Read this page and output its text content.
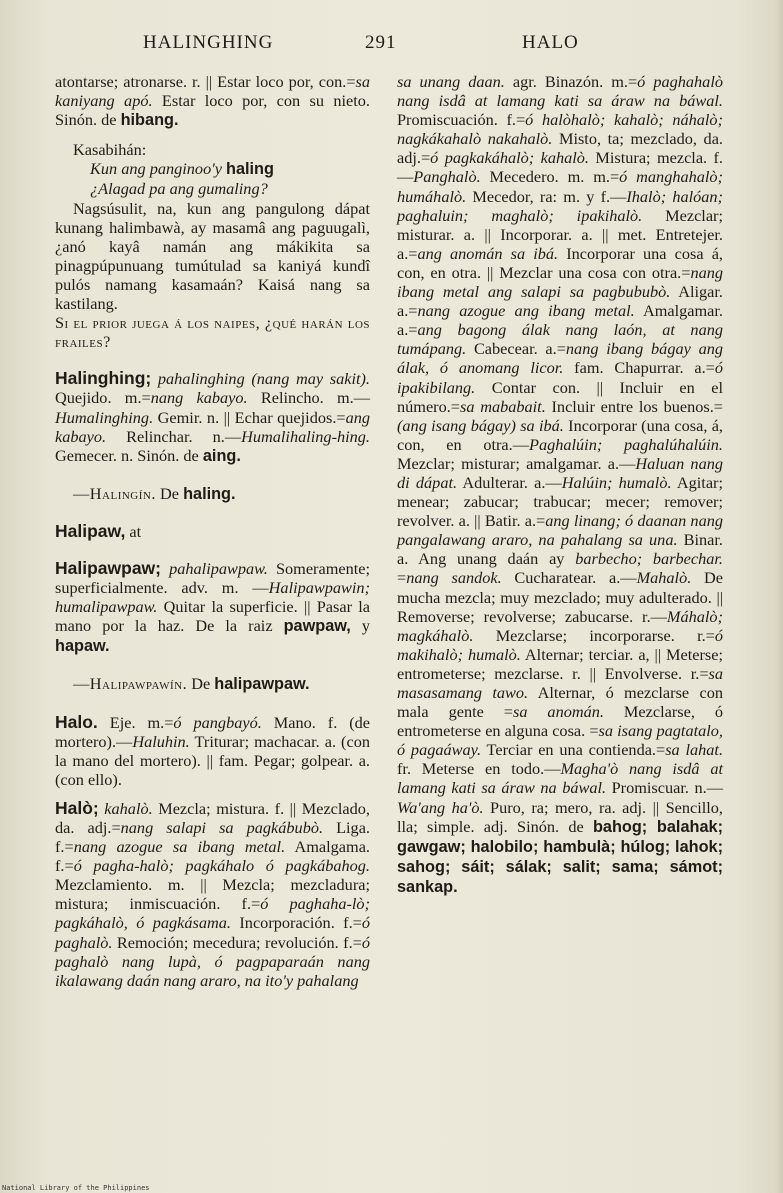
HALINGHING	291	HALO

atontarse; atronarse. r. || Estar loco por, con.=sa kaniyang apó. Estar loco por, con su nieto. Sinón. de hibang.

Kasabihán:

Kun ang panginoo'y haling

¿Alagad pa ang gumaling?

Nagsúsulit, na, kun ang pangulong dápat kunang halimbawà, ay masamâ ang paguugalì, ¿anó kayâ namán ang mákikita sa pinagpúpunuang tumútulad sa kaniyá kundî pulós namang kasamaán? Kaisá nang sa kastilang.

Si el prior juega á los naipes, ¿qué harán los frailes?

Halinghing; pahalinghing (nang may sakit). Quejido. m.=nang kabayo. Relincho. m.—Humalinghing. Gemir. n. || Echar quejidos.=ang kabayo. Relinchar. n.—Humalihaling-hing. Gemecer. n. Sinón. de aing.

—Halingín. De haling.

Halipaw, at

Halipawpaw; pahalipawpaw. Someramente; superficialmente. adv. m. —Halipawpawin; humalipawpaw. Quitar la superficie. || Pasar la mano por la haz. De la raiz pawpaw, y hapaw.

—Halipawpawín. De halipawpaw.

Halo. Eje. m.=ó pangbayó. Mano. f. (de mortero).—Haluhin. Triturar; machacar. a. (con la mano del mortero). || fam. Pegar; golpear. a. (con ello).

Halò; kahalò. Mezcla; mistura. f. || Mezclado, da. adj.=nang salapi sa pagkábubò. Liga. f.=nang azogue sa ibang metal. Amalgama. f.=ó pagha-halò; pagkáhalo ó pagkábahog. Mezclamiento. m. || Mezcla; mezcladura; mistura; inmiscuación. f.=ó paghaha-lò; pagkáhalò, ó pagkásama. Incorporación. f.=ó paghalò. Remoción; mecedura; revolución. f.=ó paghalò nang lupà, ó pagpaparaán nang ikalawang daán nang araro, na ito'y pahalang

sa unang daan. agr. Binazón. m.=ó paghahalò nang isdâ at lamang kati sa áraw na báwal. Promiscuación. f.=ó halòhalò; kahalò; náhalò; nagkákahalò nakahalò. Misto, ta; mezclado, da. adj.=ó pagkakáhalò; kahalò. Mistura; mezcla. f.—Panghalò. Mecedero. m. m.=ó manghahalò; humáhalò. Mecedor, ra: m. y f.—Ihalò; halóan; paghaluin; maghalò; ipakihalò. Mezclar; misturar. a. || Incorporar. a. || met. Entretejer. a.=ang anomán sa ibá. Incorporar una cosa á, con, en otra. || Mezclar una cosa con otra.=nang ibang metal ang salapi sa pagbububò. Aligar. a.=nang azogue ang ibang metal. Amalgamar. a.=ang bagong álak nang laón, at nang tumápang. Cabecear. a.=nang ibang bágay ang álak, ó anomang licor. fam. Chapurrar. a.=ó ipakibilang. Contar con. || Incluir en el número.=sa mababait. Incluir entre los buenos.=(ang isang bágay) sa ibá. Incorporar (una cosa, á, con, en otra.—Paghalúin; paghalúhalúin. Mezclar; misturar; amalgamar. a.—Haluan nang di dápat. Adulterar. a.—Halúin; humalò. Agitar; menear; zabucar; trabucar; mecer; remover; revolver. a. || Batir. a.=ang linang; ó daanan nang pangalawang araro, na pahalang sa una. Binar. a. Ang unang daán ay barbecho; barbechar. =nang sandok. Cucharatear. a.—Mahalò. De mucha mezcla; muy mezclado; muy adulterado. || Removerse; revolverse; zabucarse. r.—Máhalò; magkáhalò. Mezclarse; incorporarse. r.=ó makihalò; humalò. Alternar; terciar. a, || Meterse; entrometerse; mezclarse. r. || Envolverse. r.=sa masasamang tawo. Alternar, ó mezclarse con mala gente =sa anomán. Mezclarse, ó entrometerse en alguna cosa. =sa isang pagtatalo, ó pagaáway. Terciar en una contienda.=sa lahat. fr. Meterse en todo.—Magha'ò nang isdâ at lamang kati sa áraw na báwal. Promiscuar. n.—Wa'ang ha'ò. Puro, ra; mero, ra. adj. || Sencillo, lla; simple. adj. Sinón. de bahog; balahak; gawgaw; halobilo; hambulà; húlog; lahok; sahog; sáit; sálak; salit; sama; sámot; sankap.

National Library of the Philippines
